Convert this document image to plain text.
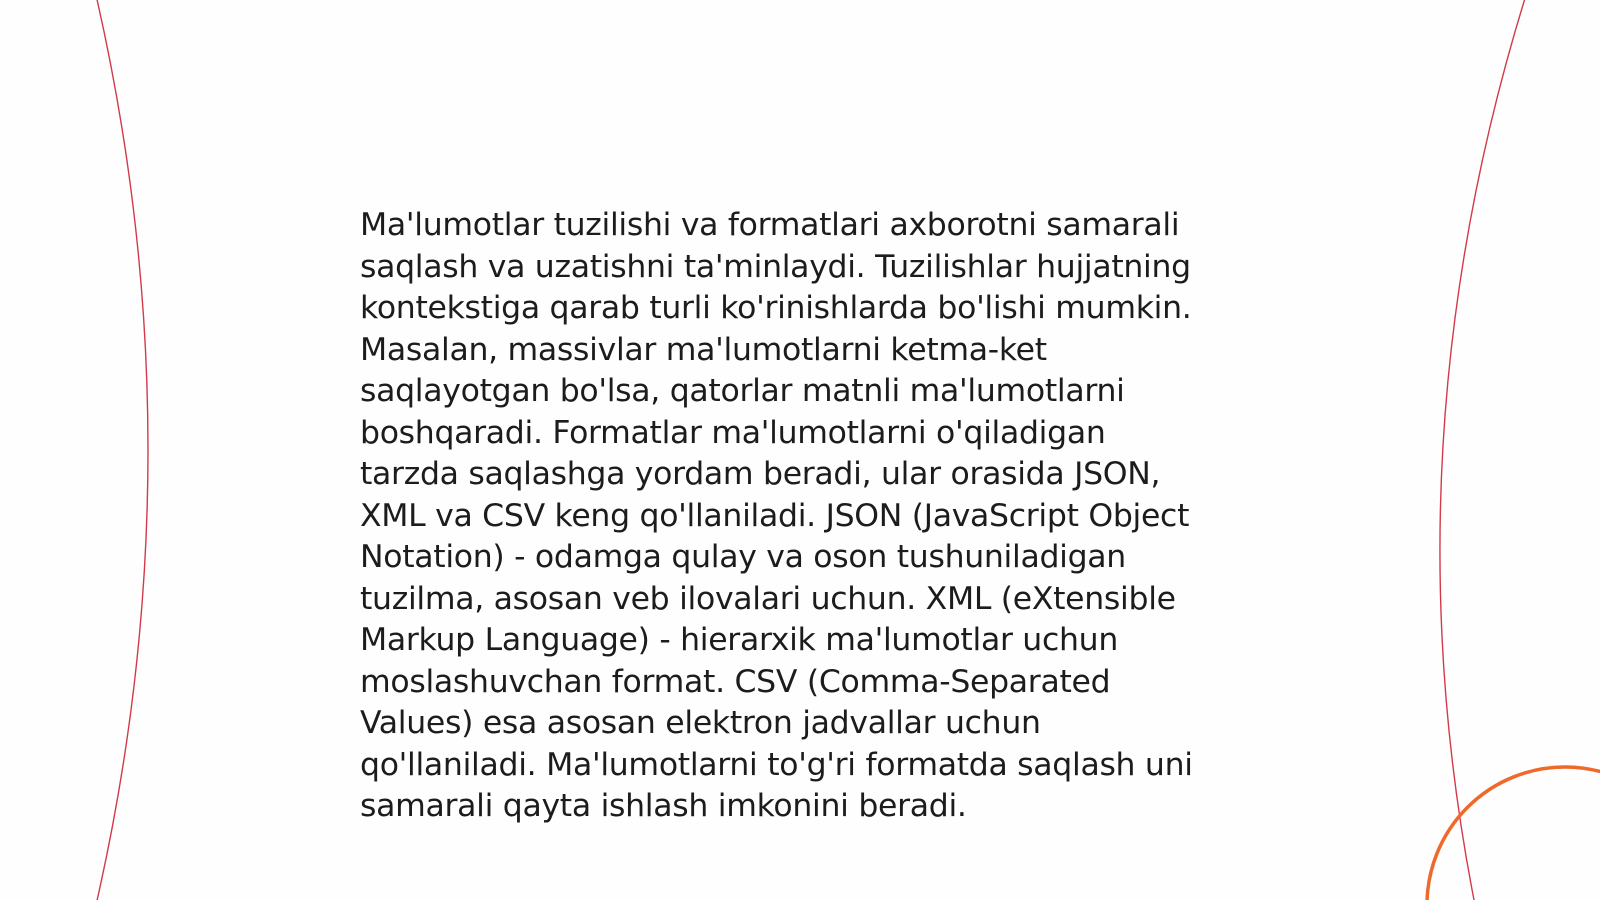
Ma'lumotlar tuzilishi va formatlari axborotni samarali
saqlash va uzatishni ta'minlaydi. Tuzilishlar hujjatning
kontekstiga qarab turli ko'rinishlarda bo'lishi mumkin.
Masalan, massivlar ma'lumotlarni ketma-ket
saqlayotgan bo'lsa, qatorlar matnli ma'lumotlarni
boshqaradi. Formatlar ma'lumotlarni o'qiladigan
tarzda saqlashga yordam beradi, ular orasida JSON,
XML va CSV keng qo'llaniladi. JSON (JavaScript Object
Notation) - odamga qulay va oson tushuniladigan
tuzilma, asosan veb ilovalari uchun. XML (eXtensible
Markup Language) - hierarxik ma'lumotlar uchun
moslashuvchan format. CSV (Comma-Separated
Values) esa asosan elektron jadvallar uchun
qo'llaniladi. Ma'lumotlarni to'g'ri formatda saqlash uni
samarali qayta ishlash imkonini beradi.
